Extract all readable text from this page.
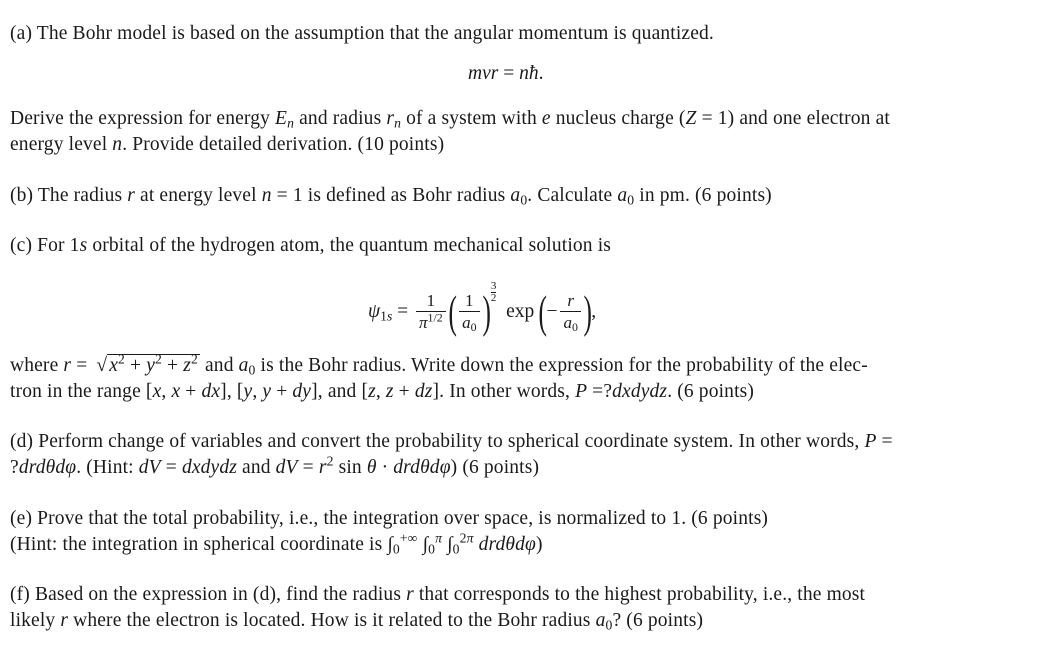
(a) The Bohr model is based on the assumption that the angular momentum is quantized.
mvr = nħ.
Derive the expression for energy $E_n$ and radius $r_n$ of a system with e nucleus charge (Z = 1) and one electron at
energy level n. Provide detailed derivation. (10 points)
(b) The radius r at energy level n = 1 is defined as Bohr radius $a_0$. Calculate $a_0$ in pm. (6 points)
(c) For 1s orbital of the hydrogen atom, the quantum mechanical solution is
$\psi_{1s} = \frac{1}{\pi^{1/2}}$ ( $\frac{1}{a_0}$ )
3
2
exp ( − $\frac{r}{a_0}$ ) ,
where r = √ $x^2 + y^2 + z^2$ and $a_0$ is the Bohr radius. Write down the expression for the probability of the elec-
tron in the range [x, x + dx], [y, y + dy], and [z, z + dz]. In other words, P =?dxdydz. (6 points)
(d) Perform change of variables and convert the probability to spherical coordinate system. In other words, P =
?drdθdφ. (Hint: dV = dxdydz and dV = $r^2$ sin θ · drdθdφ) (6 points)
(e) Prove that the total probability, i.e., the integration over space, is normalized to 1. (6 points)
(Hint: the integration in spherical coordinate is $\int_0^{+\infty}$ $\int_0^\pi$ $\int_0^{2\pi}$ drdθdφ)
(f) Based on the expression in (d), find the radius r that corresponds to the highest probability, i.e., the most
likely r where the electron is located. How is it related to the Bohr radius $a_0$? (6 points)
